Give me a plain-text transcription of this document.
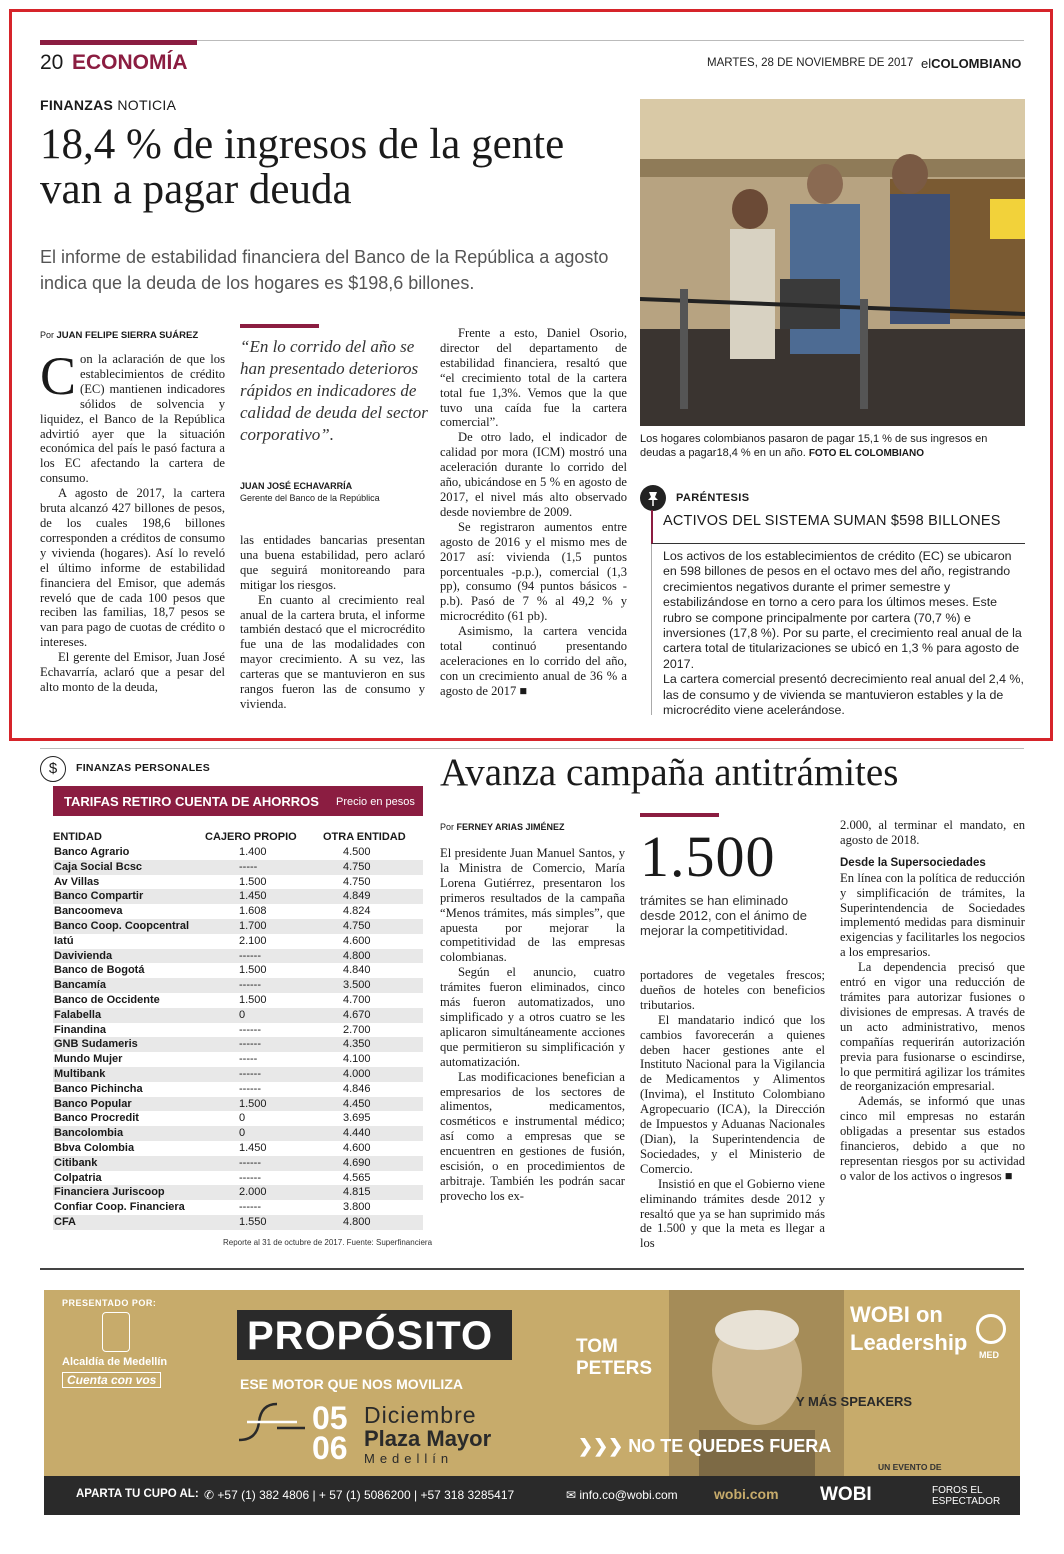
20 ECONOMÍA	MARTES, 28 DE NOVIEMBRE DE 2017 elCOLOMBIANO
FINANZAS NOTICIA
18,4 % de ingresos de la gente van a pagar deuda
El informe de estabilidad financiera del Banco de la República a agosto indica que la deuda de los hogares es $198,6 billones.
Por JUAN FELIPE SIERRA SUÁREZ
C on la aclaración de que los establecimientos de crédito (EC) mantienen indicadores sólidos de solvencia y liquidez, el Banco de la República advirtió ayer que la situación económica del país le pasó factura a los EC afectando la cartera de consumo.

A agosto de 2017, la cartera bruta alcanzó 427 billones de pesos, de los cuales 198,6 billones corresponden a créditos de consumo y vivienda (hogares). Así lo reveló el último informe de estabilidad financiera del Emisor, que además reveló que de cada 100 pesos que reciben las familias, 18,7 pesos se van para pago de cuotas de crédito o intereses.

El gerente del Emisor, Juan José Echavarría, aclaró que a pesar del alto monto de la deuda,

“En lo corrido del año se han presentado deterioros rápidos en indicadores de calidad de deuda del sector corporativo”.
JUAN JOSÉ ECHAVARRÍA
Gerente del Banco de la República

las entidades bancarias presentan una buena estabilidad, pero aclaró que seguirá monitoreando para mitigar los riesgos.

En cuanto al crecimiento real anual de la cartera bruta, el informe también destacó que el microcrédito fue una de las modalidades con mayor crecimiento. A su vez, las carteras que se mantuvieron en sus rangos fueron las de consumo y vivienda.

Frente a esto, Daniel Osorio, director del departamento de estabilidad financiera, resaltó que “el crecimiento total de la cartera total fue 1,3%. Vemos que la que tuvo una caída fue la cartera comercial”.

De otro lado, el indicador de calidad por mora (ICM) mostró una aceleración durante lo corrido del año, ubicándose en 5 % en agosto de 2017, el nivel más alto observado desde noviembre de 2009.

Se registraron aumentos entre agosto de 2016 y el mismo mes de 2017 así: vivienda (1,5 puntos porcentuales -p.p.), comercial (1,3 pp), consumo (94 puntos básicos - p.b). Pasó de 7 % al 49,2 % y microcrédito (61 pb).

Asimismo, la cartera vencida total continuó presentando aceleraciones en lo corrido del año, con un crecimiento anual de 36 % a agosto de 2017 ■

Los hogares colombianos pasaron de pagar 15,1 % de sus ingresos en deudas a pagar18,4 % en un año. FOTO EL COLOMBIANO
PARÉNTESIS
ACTIVOS DEL SISTEMA SUMAN $598 BILLONES

Los activos de los establecimientos de crédito (EC) se ubicaron en 598 billones de pesos en el octavo mes del año, registrando crecimientos negativos durante el primer semestre y estabilizándose en torno a cero para los últimos meses. Este rubro se compone principalmente por cartera (70,7 %) e inversiones (17,8 %). Por su parte, el crecimiento real anual de la cartera total de titularizaciones se ubicó en 1,3 % para agosto de 2017.

La cartera comercial presentó decrecimiento real anual del 2,4 %, las de consumo y de vivienda se mantuvieron estables y la de microcrédito viene acelerándose.

$	FINANZAS PERSONALES
TARIFAS RETIRO CUENTA DE AHORROS Precio en pesos
ENTIDAD	CAJERO PROPIO	OTRA ENTIDAD
Banco Agrario	1.400	4.500
Caja Social Bcsc	-----	4.750
Av Villas	1.500	4.750
Banco Compartir	1.450	4.849
Bancoomeva	1.608	4.824
Banco Coop. Coopcentral	1.700	4.750
Iatú	2.100	4.600
Davivienda	------	4.800
Banco de Bogotá	1.500	4.840
Bancamía	------	3.500
Banco de Occidente	1.500	4.700
Falabella	0	4.670
Finandina	------	2.700
GNB Sudameris	------	4.350
Mundo Mujer	-----	4.100
Multibank	------	4.000
Banco Pichincha	------	4.846
Banco Popular	1.500	4.450
Banco Procredit	0	3.695
Bancolombia	0	4.440
Bbva Colombia	1.450	4.600
Citibank	------	4.690
Colpatria	------	4.565
Financiera Juriscoop	2.000	4.815
Confiar Coop. Financiera	------	3.800
CFA	1.550	4.800
Reporte al 31 de octubre de 2017. Fuente: Superfinanciera
Avanza campaña antitrámites
Por FERNEY ARIAS JIMÉNEZ

El presidente Juan Manuel Santos, y la Ministra de Comercio, María Lorena Gutiérrez, presentaron los primeros resultados de la campaña “Menos trámites, más simples”, que apuesta por mejorar la competitividad de las empresas colombianas.

Según el anuncio, cuatro trámites fueron eliminados, cinco más fueron automatizados, uno simplificado y a otros cuatro se les aplicaron simultáneamente acciones que permitieron su simplificación y automatización.

Las modificaciones benefician a empresarios de los sectores de alimentos, medicamentos, cosméticos e instrumental médico; así como a empresas que se encuentren en gestiones de fusión, escisión, o en procedimientos de arbitraje. También les podrán sacar provecho los ex-

1.500
trámites se han eliminado desde 2012, con el ánimo de mejorar la competitividad.

portadores de vegetales frescos; dueños de hoteles con beneficios tributarios.

El mandatario indicó que los cambios favorecerán a quienes deben hacer gestiones ante el Instituto Nacional para la Vigilancia de Medicamentos y Alimentos (Invima), el Instituto Colombiano Agropecuario (ICA), la Dirección de Impuestos y Aduanas Nacionales (Dian), la Superintendencia de Sociedades, y el Ministerio de Comercio.

Insistió en que el Gobierno viene eliminando trámites desde 2012 y resaltó que ya se han suprimido más de 1.500 y que la meta es llegar a los

2.000, al terminar el mandato, en agosto de 2018.

Desde la Supersociedades

En línea con la política de reducción y simplificación de trámites, la Superintendencia de Sociedades implementó medidas para disminuir exigencias y facilitarles los negocios a los empresarios.

La dependencia precisó que entró en vigor una reducción de trámites para autorizar fusiones o divisiones de empresas. A través de un acto administrativo, menos compañías requerirán autorización previa para fusionarse o escindirse, lo que permitirá agilizar los trámites de reorganización empresarial.

Además, se informó que unas cinco mil empresas no estarán obligadas a presentar sus estados financieros, debido a que no representan riesgos por su actividad o valor de los activos o ingresos ■

PRESENTADO POR:
Alcaldía de Medellín
Cuenta con vos
PROPÓSITO
ESE MOTOR QUE NOS MOVILIZA
05
06
Diciembre
Plaza Mayor
Medellín
TOM PETERS
WOBI on
Leadership MED
Y MÁS SPEAKERS
❯❯❯ NO TE QUEDES FUERA
UN EVENTO DE
APARTA TU CUPO AL: ✆ +57 (1) 382 4806 | + 57 (1) 5086200 | +57 318 3285417	✉ info.co@wobi.com	wobi.com WOBI	FOROS EL ESPECTADOR
